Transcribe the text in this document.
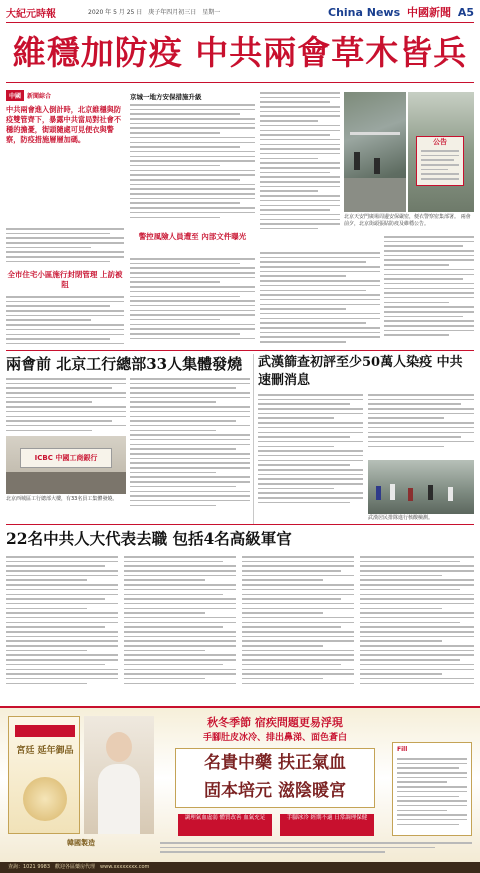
大紀元時報	2020 年 5 月 25 日　庚子年四月初三日　星期一	China News 中國新聞 A5
維穩加防疫 中共兩會草木皆兵
中國	新聞綜合
中共兩會進入倒計時，北京維穩與防疫雙管齊下，暴露中共當局對社會不穩的擔憂，街頭隨處可見便衣與警察，防疫措施層層加碼。
全市住宅小區施行封閉管理 上訪被阻
京城一地方安保措施升級
警控風險人員遭至 內部文件曝光
公告
北京天安門廣場周邊安保嚴密，便衣警察密集部署。 兩會前夕，北京街頭張貼防疫及維穩公告。
兩會前 北京工行總部33人集體發燒
ICBC 中國工商銀行
北京西城區工行總部大樓，有33名員工集體發燒。
武漢篩查初評至少50萬人染疫 中共速刪消息
武漢居民排隊進行核酸檢測。
22名中共人大代表去職 包括4名高級軍官
宮廷 延年御品
韓國製造
秋冬季節 宿疾問題更易浮現
手腳肚皮冰冷、排出鼻涕、面色蒼白
名貴中藥 扶正氣血
固本培元 滋陰暖宮
調理氣血虛弱 體質改善 血氣充足	手腳冰冷 經期不適 日常調理保健
Fill
查詢：1021 9983　歡迎各區藥房代理　www.xxxxxxxx.com
